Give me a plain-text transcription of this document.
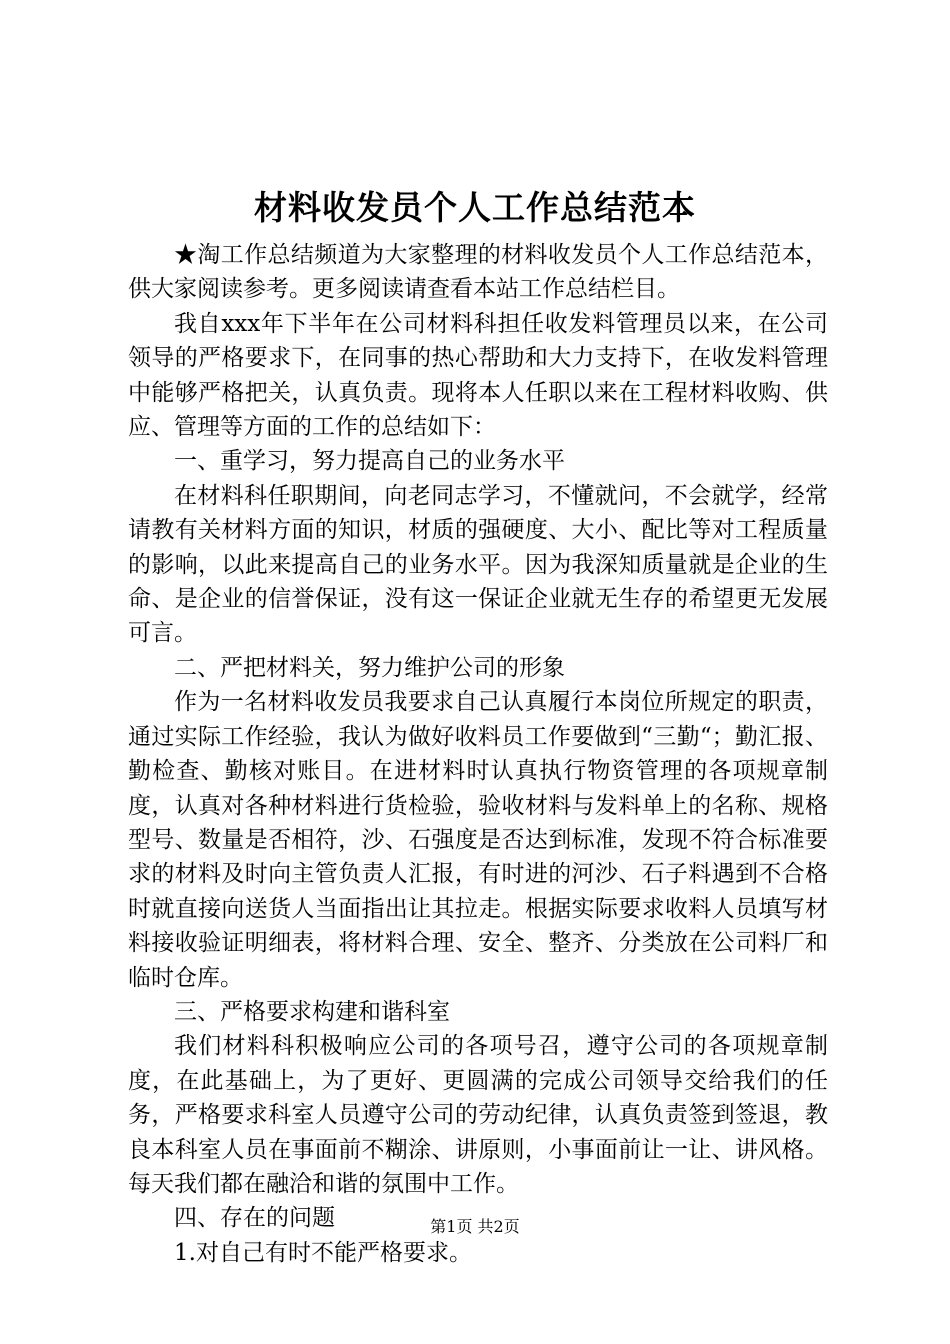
材料收发员个人工作总结范本

★淘工作总结频道为大家整理的材料收发员个人工作总结范本，供大家阅读参考。更多阅读请查看本站工作总结栏目。

我自xxx年下半年在公司材料科担任收发料管理员以来，在公司领导的严格要求下，在同事的热心帮助和大力支持下，在收发料管理中能够严格把关，认真负责。现将本人任职以来在工程材料收购、供应、管理等方面的工作的总结如下：

一、重学习，努力提高自己的业务水平

在材料科任职期间，向老同志学习，不懂就问，不会就学，经常请教有关材料方面的知识，材质的强硬度、大小、配比等对工程质量的影响，以此来提高自己的业务水平。因为我深知质量就是企业的生命、是企业的信誉保证，没有这一保证企业就无生存的希望更无发展可言。

二、严把材料关，努力维护公司的形象

作为一名材料收发员我要求自己认真履行本岗位所规定的职责，通过实际工作经验，我认为做好收料员工作要做到“三勤“；勤汇报、勤检查、勤核对账目。在进材料时认真执行物资管理的各项规章制度，认真对各种材料进行货检验，验收材料与发料单上的名称、规格型号、数量是否相符，沙、石强度是否达到标准，发现不符合标准要求的材料及时向主管负责人汇报，有时进的河沙、石子料遇到不合格时就直接向送货人当面指出让其拉走。根据实际要求收料人员填写材料接收验证明细表，将材料合理、安全、整齐、分类放在公司料厂和临时仓库。

三、严格要求构建和谐科室

我们材料科积极响应公司的各项号召，遵守公司的各项规章制度，在此基础上，为了更好、更圆满的完成公司领导交给我们的任务，严格要求科室人员遵守公司的劳动纪律，认真负责签到签退，教良本科室人员在事面前不糊涂、讲原则，小事面前让一让、讲风格。每天我们都在融洽和谐的氛围中工作。

四、存在的问题

1.对自己有时不能严格要求。

第1页 共2页
